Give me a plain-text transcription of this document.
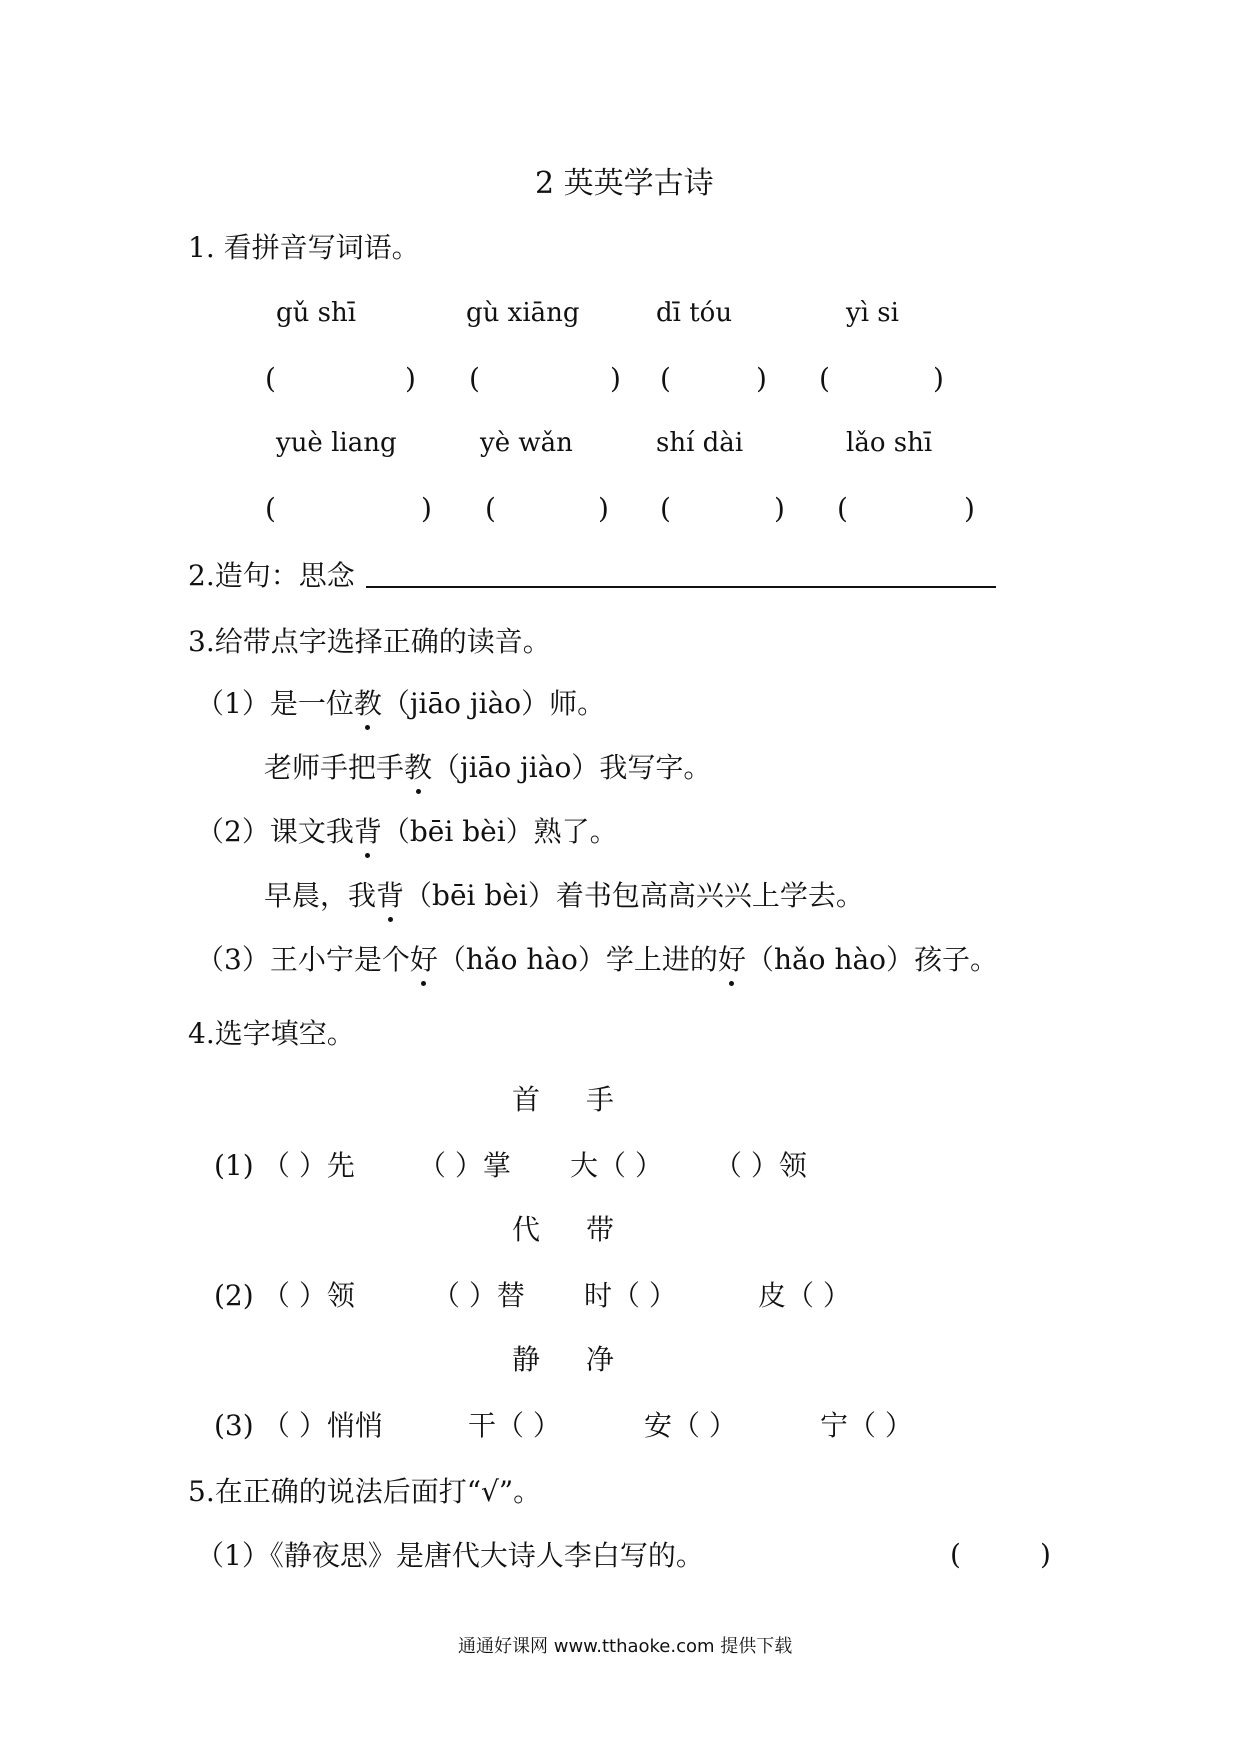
2 英英学古诗
1. 看拼音写词语。
gǔ shī	gù xiāng	dī tóu	yì si
(	) (	) (	) (	)
yuè liang	yè wǎn	shí dài	lǎo shī
(	) (	) (	) (	)
2.造句：思念
3.给带点字选择正确的读音。
（1）是一位教（jiāo jiào）师。
老师手把手教（jiāo jiào）我写字。
（2）课文我背（bēi bèi）熟了。
早晨，我背（bēi bèi）着书包高高兴兴上学去。
（3）王小宁是个好（hǎo hào）学上进的好（hǎo hào）孩子。
4.选字填空。
首 手
(1) （ ）先 （ ）掌 大（ ） （ ）领
代 带
(2) （ ）领	（ ）替 时（ ）	皮（ ）
静 净
(3) （ ）悄悄	干（ ）	安（ ）	宁（ ）
5.在正确的说法后面打“√”。
（1）《静夜思》是唐代大诗人李白写的。	(	)
通通好课网 www.tthaoke.com 提供下载
